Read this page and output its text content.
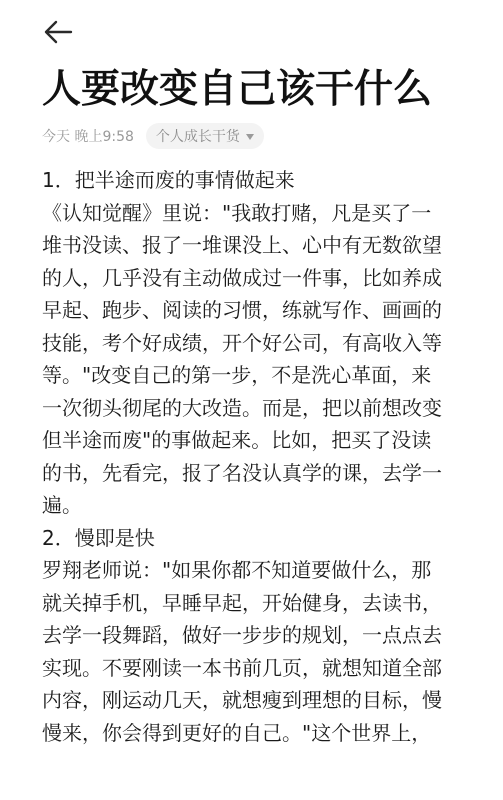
人要改变自己该干什么
今天 晚上9:58 个人成长干货

1．把半途而废的事情做起来

《认知觉醒》里说："我敢打赌，凡是买了一

堆书没读、报了一堆课没上、心中有无数欲望

的人，几乎没有主动做成过一件事，比如养成

早起、跑步、阅读的习惯，练就写作、画画的

技能，考个好成绩，开个好公司，有高收入等

等。"改变自己的第一步，不是洗心革面，来

一次彻头彻尾的大改造。而是，把以前想改变

但半途而废"的事做起来。比如，把买了没读

的书，先看完，报了名没认真学的课，去学一

遍。

2．慢即是快

罗翔老师说："如果你都不知道要做什么，那

就关掉手机，早睡早起，开始健身，去读书，

去学一段舞蹈，做好一步步的规划，一点点去

实现。不要刚读一本书前几页，就想知道全部

内容，刚运动几天，就想瘦到理想的目标，慢

慢来，你会得到更好的自己。"这个世界上，
